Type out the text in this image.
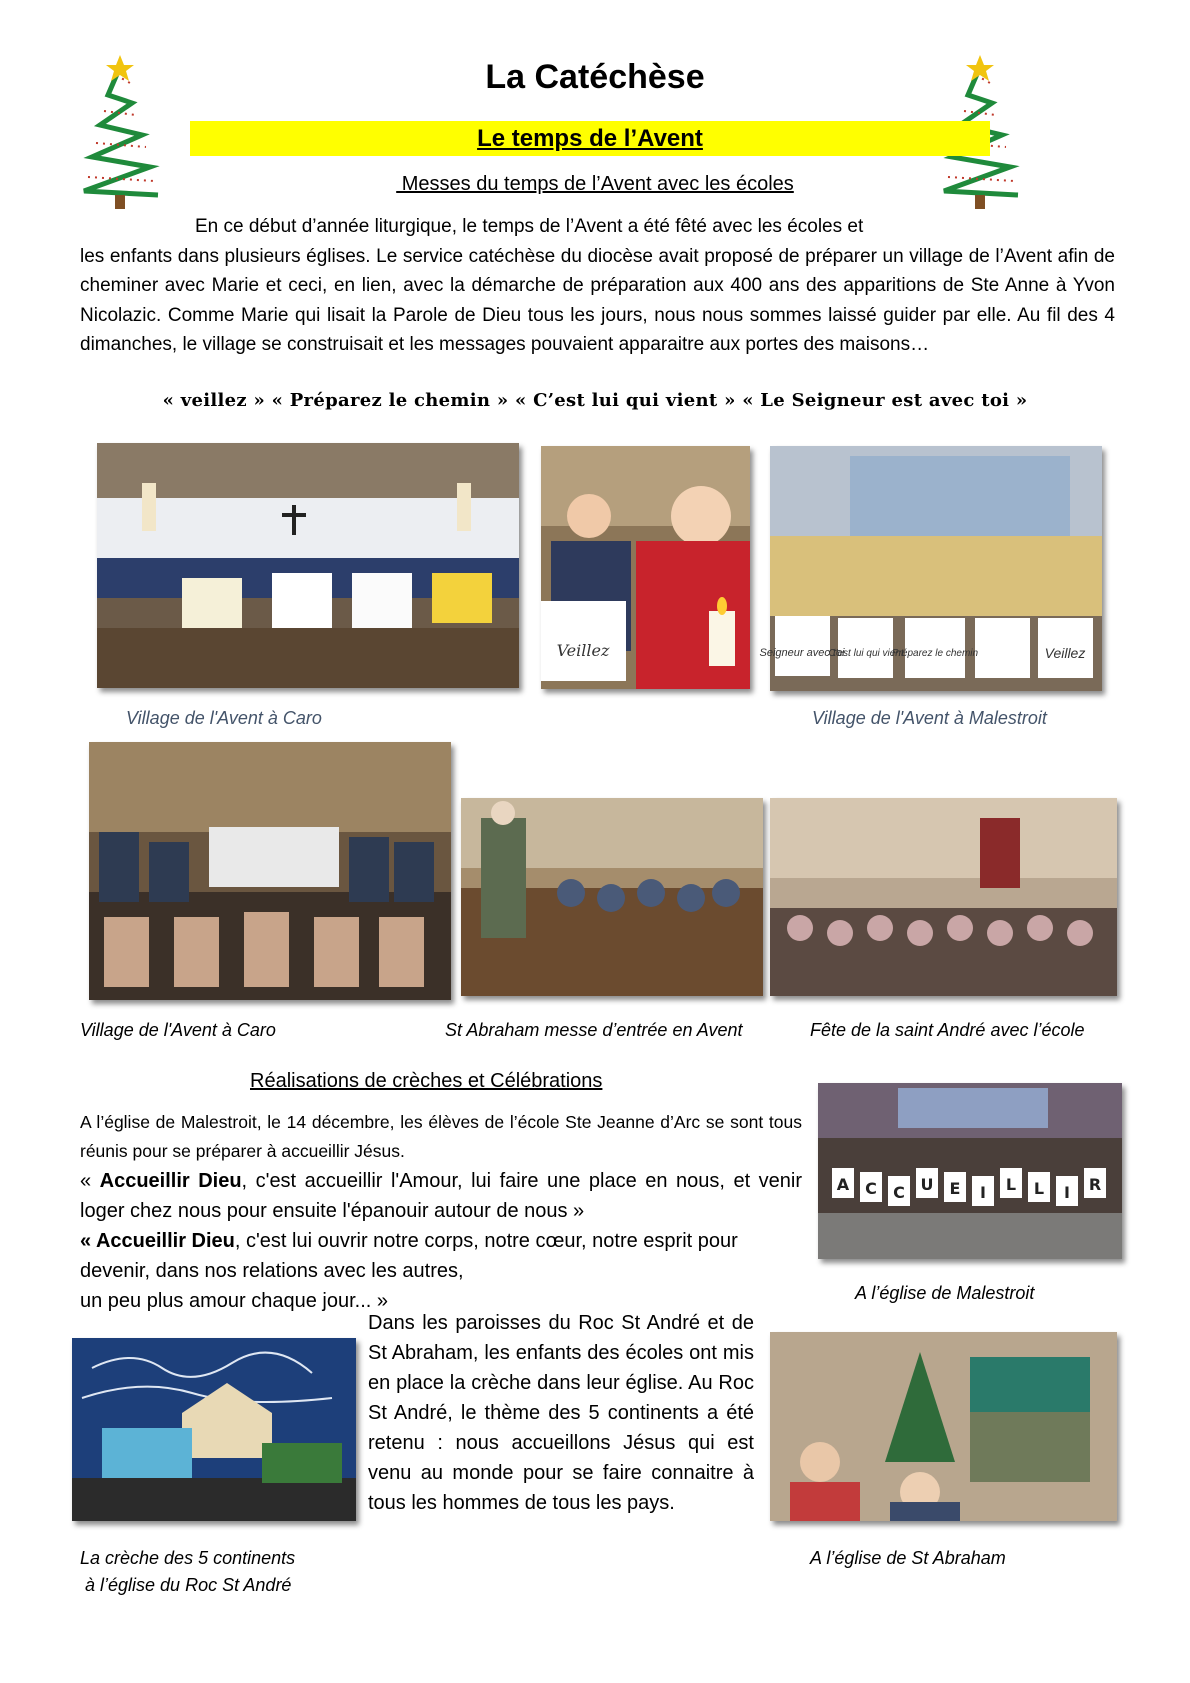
La Catéchèse
Le temps de l’Avent
Messes du temps de l’Avent avec les écoles
En ce début d’année liturgique, le temps de l’Avent a été fêté avec les écoles et
les enfants dans plusieurs églises. Le service catéchèse du diocèse avait proposé de préparer un village de l’Avent afin de cheminer avec Marie et ceci, en lien, avec la démarche de préparation aux 400 ans des apparitions de Ste Anne à Yvon Nicolazic. Comme Marie qui lisait la Parole de Dieu tous les jours, nous nous sommes laissé guider par elle. Au fil des 4 dimanches, le village se construisait et les messages pouvaient apparaitre aux portes des maisons…
« veillez » « Préparez le chemin » « C’est lui qui vient » « Le Seigneur est avec toi »
Veillez	Seigneur avec toi
C'est lui qui vient
Préparez le chemin	Veillez
Village de l'Avent à Caro	Village de l'Avent à Malestroit
Village de l'Avent à Caro	St Abraham messe d’entrée en Avent	Fête de la saint André avec l’école
Réalisations de crèches et Célébrations
A l’église de Malestroit, le 14 décembre, les élèves de l’école Ste Jeanne d’Arc se sont tous réunis pour se préparer à accueillir Jésus.
« Accueillir Dieu, c'est accueillir l'Amour, lui faire une place en nous, et venir loger chez nous pour ensuite l'épanouir autour de nous »
« Accueillir Dieu, c'est lui ouvrir notre corps, notre cœur, notre esprit pour devenir, dans nos relations avec les autres,
un peu plus amour chaque jour... »
A C C U E I L L I R
A l’église de Malestroit
Dans les paroisses du Roc St André et de St Abraham, les enfants des écoles ont mis en place la crèche dans leur église. Au Roc St André, le thème des 5 continents a été retenu : nous accueillons Jésus qui est venu au monde pour se faire connaitre à tous les hommes de tous les pays.
La crèche des 5 continents
à l’église du Roc St André
A l’église de St Abraham
